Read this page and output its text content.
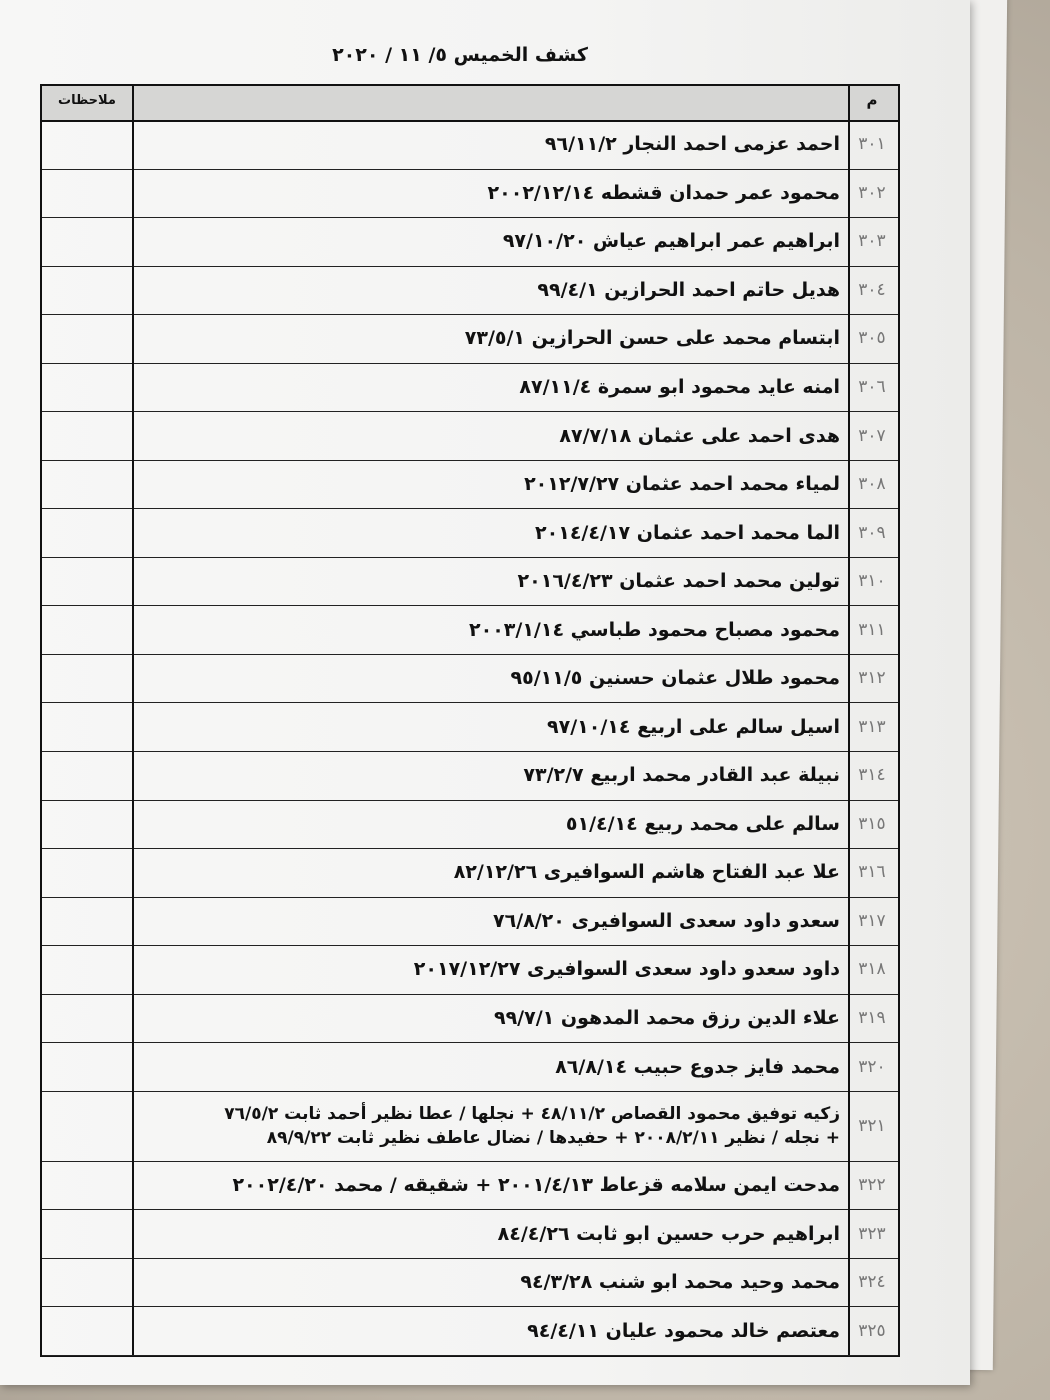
كشف الخميس ٥/ ١١ / ٢٠٢٠
ملاحظات	م
٣٠١
احمد عزمى احمد النجار ٩٦/١١/٢
٣٠٢
محمود عمر حمدان قشطه ٢٠٠٢/١٢/١٤
٣٠٣
ابراهيم عمر ابراهيم عياش ٩٧/١٠/٢٠
٣٠٤
هديل حاتم احمد الحرازين ٩٩/٤/١
٣٠٥
ابتسام محمد على حسن الحرازين ٧٣/٥/١
٣٠٦
امنه عايد محمود ابو سمرة ٨٧/١١/٤
٣٠٧
هدى احمد على عثمان ٨٧/٧/١٨
٣٠٨
لمياء محمد احمد عثمان ٢٠١٢/٧/٢٧
٣٠٩
الما محمد احمد عثمان ٢٠١٤/٤/١٧
٣١٠
تولين محمد احمد عثمان ٢٠١٦/٤/٢٣
٣١١
محمود مصباح محمود طباسي ٢٠٠٣/١/١٤
٣١٢
محمود طلال عثمان حسنين ٩٥/١١/٥
٣١٣
اسيل سالم على اربيع ٩٧/١٠/١٤
٣١٤
نبيلة عبد القادر محمد اربيع ٧٣/٢/٧
٣١٥
سالم على محمد ربيع ٥١/٤/١٤
٣١٦
علا عبد الفتاح هاشم السوافيرى ٨٢/١٢/٢٦
٣١٧
سعدو داود سعدى السوافيرى ٧٦/٨/٢٠
٣١٨
داود سعدو داود سعدى السوافيرى ٢٠١٧/١٢/٢٧
٣١٩
علاء الدين رزق محمد المدهون ٩٩/٧/١
٣٢٠
محمد فايز جدوع حبيب ٨٦/٨/١٤
٣٢١
زكيه توفيق محمود القصاص ٤٨/١١/٢ + نجلها / عطا نظير أحمد ثابت ٧٦/٥/٢
+ نجله / نظير ٢٠٠٨/٢/١١ + حفيدها / نضال عاطف نظير ثابت ٨٩/٩/٢٢
٣٢٢
مدحت ايمن سلامه قزعاط ٢٠٠١/٤/١٣ + شقيقه / محمد ٢٠٠٢/٤/٢٠
٣٢٣
ابراهيم حرب حسين ابو ثابت ٨٤/٤/٢٦
٣٢٤
محمد وحيد محمد ابو شنب ٩٤/٣/٢٨
٣٢٥
معتصم خالد محمود عليان ٩٤/٤/١١
